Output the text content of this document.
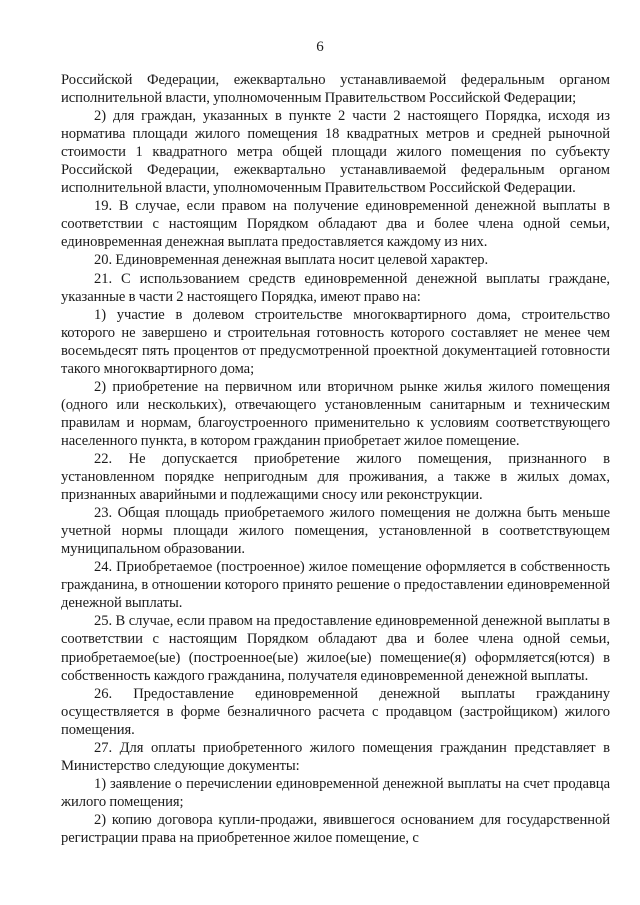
6

Российской Федерации, ежеквартально устанавливаемой федеральным органом исполнительной власти, уполномоченным Правительством Российской Федерации;

2) для граждан, указанных в пункте 2 части 2 настоящего Порядка, исходя из норматива площади жилого помещения 18 квадратных метров и средней рыночной стоимости 1 квадратного метра общей площади жилого помещения по субъекту Российской Федерации, ежеквартально устанавливаемой федеральным органом исполнительной власти, уполномоченным Правительством Российской Федерации.

19. В случае, если правом на получение единовременной денежной выплаты в соответствии с настоящим Порядком обладают два и более члена одной семьи, единовременная денежная выплата предоставляется каждому из них.

20. Единовременная денежная выплата носит целевой характер.

21. С использованием средств единовременной денежной выплаты граждане, указанные в части 2 настоящего Порядка, имеют право на:

1) участие в долевом строительстве многоквартирного дома, строительство которого не завершено и строительная готовность которого составляет не менее чем восемьдесят пять процентов от предусмотренной проектной документацией готовности такого многоквартирного дома;

2) приобретение на первичном или вторичном рынке жилья жилого помещения (одного или нескольких), отвечающего установленным санитарным и техническим правилам и нормам, благоустроенного применительно к условиям соответствующего населенного пункта, в котором гражданин приобретает жилое помещение.

22. Не допускается приобретение жилого помещения, признанного в установленном порядке непригодным для проживания, а также в жилых домах, признанных аварийными и подлежащими сносу или реконструкции.

23. Общая площадь приобретаемого жилого помещения не должна быть меньше учетной нормы площади жилого помещения, установленной в соответствующем муниципальном образовании.

24. Приобретаемое (построенное) жилое помещение оформляется в собственность гражданина, в отношении которого принято решение о предоставлении единовременной денежной выплаты.

25. В случае, если правом на предоставление единовременной денежной выплаты в соответствии с настоящим Порядком обладают два и более члена одной семьи, приобретаемое(ые) (построенное(ые) жилое(ые) помещение(я) оформляется(ются) в собственность каждого гражданина, получателя единовременной денежной выплаты.

26. Предоставление единовременной денежной выплаты гражданину осуществляется в форме безналичного расчета с продавцом (застройщиком) жилого помещения.

27. Для оплаты приобретенного жилого помещения гражданин представляет в Министерство следующие документы:

1) заявление о перечислении единовременной денежной выплаты на счет продавца жилого помещения;

2) копию договора купли-продажи, явившегося основанием для государственной регистрации права на приобретенное жилое помещение, с
